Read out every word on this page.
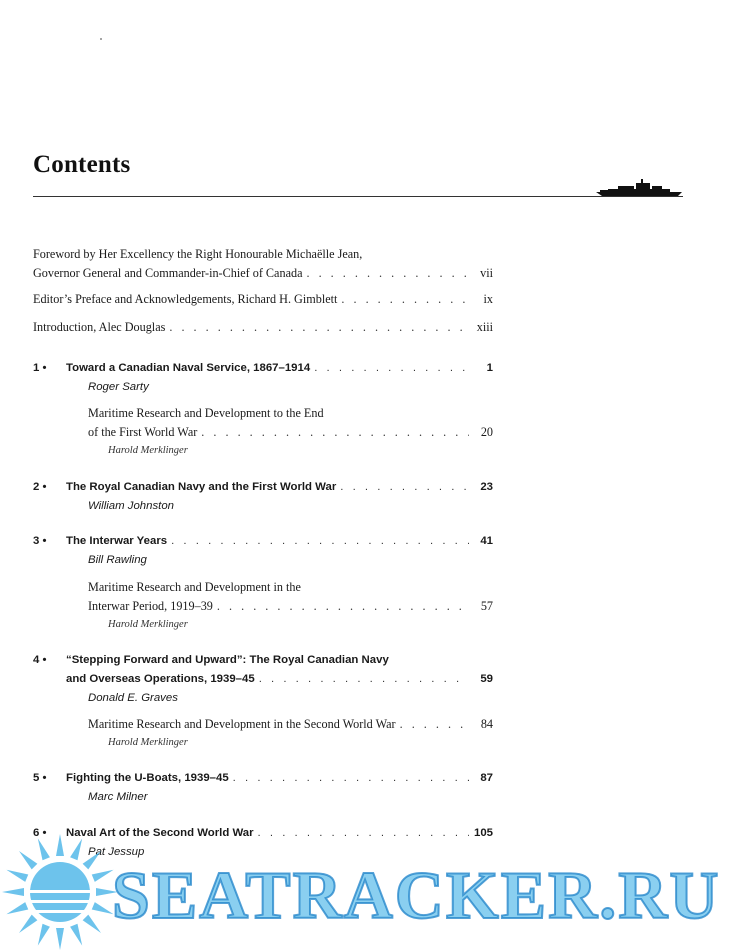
Contents
Foreword by Her Excellency the Right Honourable Michaëlle Jean,
Governor General and Commander-in-Chief of Canada . . .	vii
Editor’s Preface and Acknowledgements, Richard H. Gimblett . . .	ix
Introduction, Alec Douglas . . .	xiii
1 • Toward a Canadian Naval Service, 1867–1914 . . .	1
Roger Sarty
Maritime Research and Development to the End
of the First World War . . .	20
Harold Merklinger
2 • The Royal Canadian Navy and the First World War . . .	23
William Johnston
3 • The Interwar Years . . .	41
Bill Rawling
Maritime Research and Development in the
Interwar Period, 1919–39 . . .	57
Harold Merklinger
4 • “Stepping Forward and Upward”: The Royal Canadian Navy
and Overseas Operations, 1939–45 . . .	59
Donald E. Graves
Maritime Research and Development in the Second World War . . .	84
Harold Merklinger
5 • Fighting the U-Boats, 1939–45 . . .	87
Marc Milner
6 • Naval Art of the Second World War . . .	105
Pat Jessup
SEATRACKER.RU
